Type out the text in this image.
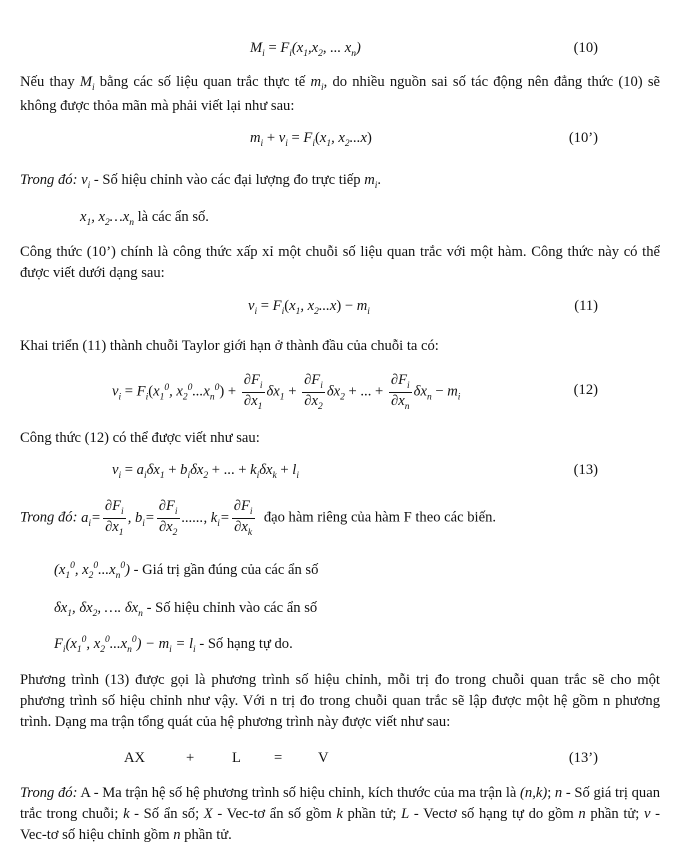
$M_i = F_i(x_1,x_2$, ... $x_n$)	(10)
Nếu thay $M_i$ bằng các số liệu quan trắc thực tế $m_i$, do nhiều nguồn sai số tác động nên đẳng thức (10) sẽ không được thỏa mãn mà phải viết lại như sau:
$m_i + v_i = F_i(x_1$, $x_2...x$)	(10’)
Trong đó: $v_i$ - Số hiệu chỉnh vào các đại lượng đo trực tiếp $m_i$.
$x_1$, $x_2\dots x_n$ là các ẩn số.
Công thức (10’) chính là công thức xấp xỉ một chuỗi số liệu quan trắc với một hàm. Công thức này có thể được viết dưới dạng sau:
$v_i = F_i(x_1$, $x_2...x) - m_i$	(11)
Khai triển (11) thành chuỗi Taylor giới hạn ở thành đầu của chuỗi ta có:
$v_i = F_i(x_1^0$, $x_2^0...x_n^0) + \frac{\partial F_i}{\partial x_1} \delta x_1 + \frac{\partial F_i}{\partial x_2} \delta x_2$ + ... + $\frac{\partial F_i}{\partial x_n} \delta x_n - m_i$	(12)
Công thức (12) có thể được viết như sau:
$v_i = a_i\delta x_1 + b_i\delta x_2$ + ... + $k_i\delta x_k + l_i$	(13)
Trong đó: $a_i= \frac{\partial F_i}{\partial x_1}$ , $b_i= \frac{\partial F_i}{\partial x_2}$ ......, $k_i= \frac{\partial F_i}{\partial x_k}$ đạo hàm riêng của hàm F theo các biến.
($x_1^0$, $x_2^0...x_n^0$) - Giá trị gần đúng của các ẩn số
$\delta x_1$, $\delta x_2$, …. $\delta x_n$ - Số hiệu chỉnh vào các ẩn số
$F_i(x_1^0$, $x_2^0...x_n^0) - m_i = l_i$ - Số hạng tự do.
Phương trình (13) được gọi là phương trình số hiệu chỉnh, mỗi trị đo trong chuỗi quan trắc sẽ cho một phương trình số hiệu chỉnh như vậy. Với n trị đo trong chuỗi quan trắc sẽ lập được một hệ gồm n phương trình. Dạng ma trận tổng quát của hệ phương trình này được viết như sau:
AX	+	L = V	(13’)
Trong đó: A - Ma trận hệ số hệ phương trình số hiệu chỉnh, kích thước của ma trận là (n,k); n - Số giá trị quan trắc trong chuỗi; k - Số ẩn số; X - Vec-tơ ẩn số gồm k phần tử; L - Vectơ số hạng tự do gồm n phần tử; v - Vec-tơ số hiệu chỉnh gồm n phần tử.
